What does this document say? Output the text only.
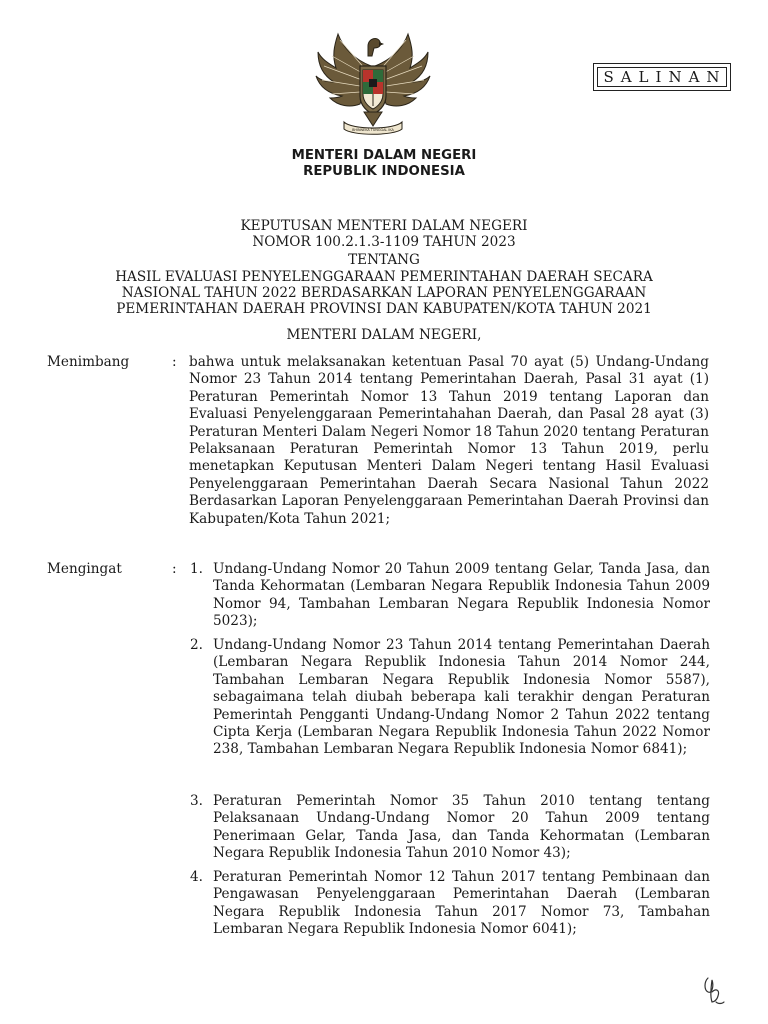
BHINNEKA TUNGGAL IKA
SALINAN
MENTERI DALAM NEGERI
REPUBLIK INDONESIA
KEPUTUSAN MENTERI DALAM NEGERI
NOMOR 100.2.1.3-1109 TAHUN 2023
TENTANG
HASIL EVALUASI PENYELENGGARAAN PEMERINTAHAN DAERAH SECARA
NASIONAL TAHUN 2022 BERDASARKAN LAPORAN PENYELENGGARAAN
PEMERINTAHAN DAERAH PROVINSI DAN KABUPATEN/KOTA TAHUN 2021
MENTERI DALAM NEGERI,
Menimbang	: bahwa untuk melaksanakan ketentuan Pasal 70 ayat (5) Undang-Undang Nomor 23 Tahun 2014 tentang Pemerintahan Daerah, Pasal 31 ayat (1) Peraturan Pemerintah Nomor 13 Tahun 2019 tentang Laporan dan Evaluasi Penyelenggaraan Pemerintahahan Daerah, dan Pasal 28 ayat (3) Peraturan Menteri Dalam Negeri Nomor 18 Tahun 2020 tentang Peraturan Pelaksanaan Peraturan Pemerintah Nomor 13 Tahun 2019, perlu menetapkan Keputusan Menteri Dalam Negeri tentang Hasil Evaluasi Penyelenggaraan Pemerintahan Daerah Secara Nasional Tahun 2022 Berdasarkan Laporan Penyelenggaraan Pemerintahan Daerah Provinsi dan Kabupaten/Kota Tahun 2021;

Mengingat	: 1. Undang-Undang Nomor 20 Tahun 2009 tentang Gelar, Tanda Jasa, dan Tanda Kehormatan (Lembaran Negara Republik Indonesia Tahun 2009 Nomor 94, Tambahan Lembaran Negara Republik Indonesia Nomor 5023);

2. Undang-Undang Nomor 23 Tahun 2014 tentang Pemerintahan Daerah (Lembaran Negara Republik Indonesia Tahun 2014 Nomor 244, Tambahan Lembaran Negara Republik Indonesia Nomor 5587), sebagaimana telah diubah beberapa kali terakhir dengan Peraturan Pemerintah Pengganti Undang-Undang Nomor 2 Tahun 2022 tentang Cipta Kerja (Lembaran Negara Republik Indonesia Tahun 2022 Nomor 238, Tambahan Lembaran Negara Republik Indonesia Nomor 6841);

3. Peraturan Pemerintah Nomor 35 Tahun 2010 tentang tentang Pelaksanaan Undang-Undang Nomor 20 Tahun 2009 tentang Penerimaan Gelar, Tanda Jasa, dan Tanda Kehormatan (Lembaran Negara Republik Indonesia Tahun 2010 Nomor 43);

4. Peraturan Pemerintah Nomor 12 Tahun 2017 tentang Pembinaan dan Pengawasan Penyelenggaraan Pemerintahan Daerah (Lembaran Negara Republik Indonesia Tahun 2017 Nomor 73, Tambahan Lembaran Negara Republik Indonesia Nomor 6041);
